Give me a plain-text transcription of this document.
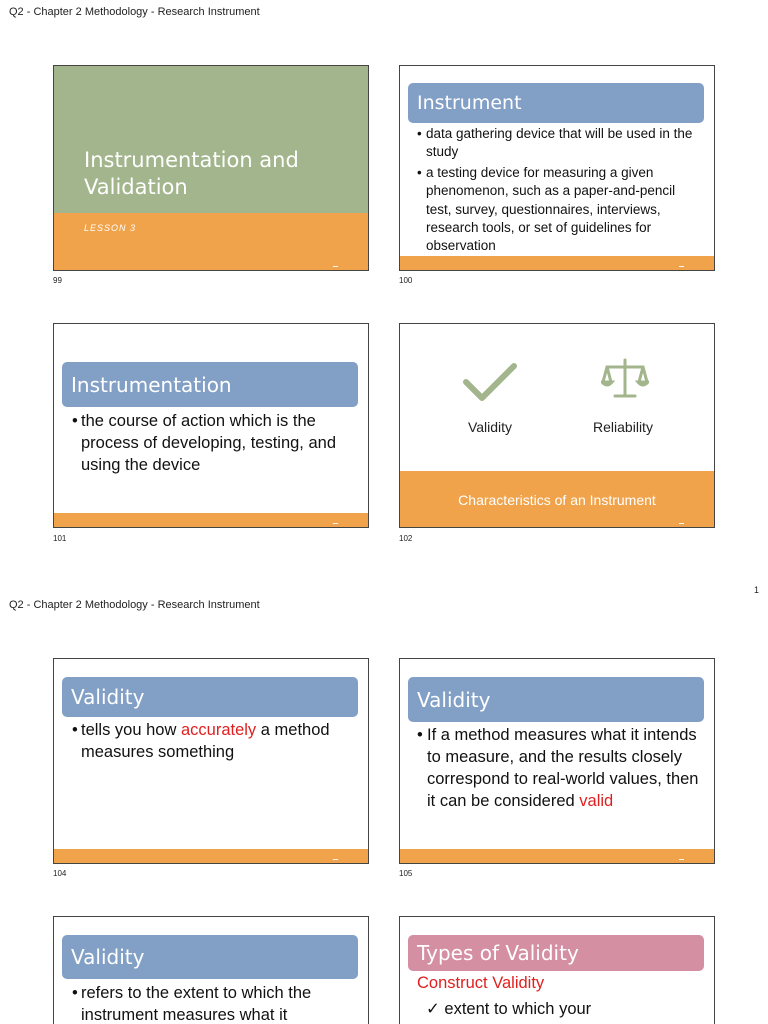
Q2 - Chapter 2 Methodology - Research Instrument
Instrumentation and
Validation
LESSON 3
99
Instrument
• data gathering device that will be used in the study
• a testing device for measuring a given phenomenon, such as a paper-and-pencil test, survey, questionnaires, interviews, research tools, or set of guidelines for observation
100
Instrumentation
• the course of action which is the process of developing, testing, and using the device
101
Validity	Reliability
Characteristics of an Instrument
102
1
Q2 - Chapter 2 Methodology - Research Instrument
Validity
• tells you how accurately a method measures something
104
Validity
• If a method measures what it intends to measure, and the results closely correspond to real-world values, then it can be considered valid
105
Validity
• refers to the extent to which the instrument measures what it
Types of Validity
Construct Validity
✓ extent to which your
